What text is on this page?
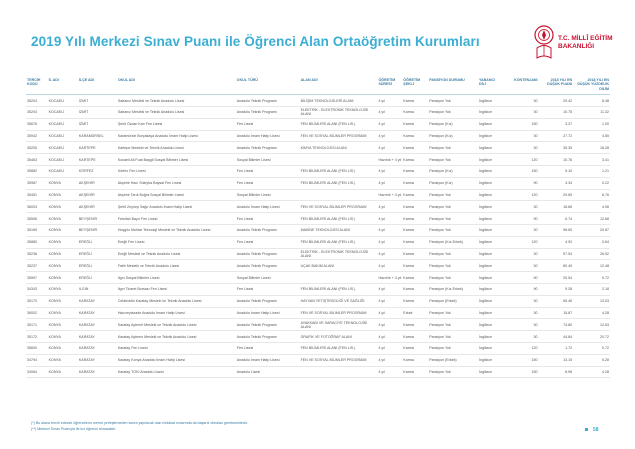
2019 Yılı Merkezi Sınav Puanı ile Öğrenci Alan Ortaöğretim Kurumları	T.C. MİLLÎ EĞİTİM
BAKANLIĞI
TERCİH KODU	İL ADI	İLÇE ADI	OKUL ADI	OKUL TÜRÜ	ALAN ADI	ÖĞRETİM SÜRESİ	ÖĞRETİM ŞEKLİ	PANSİYON DURUMU	YABANCI DİLİ	KONTENJANI	2018 YILI EN DÜŞÜK PUANI	2018 YILI EN DÜŞÜK YÜZDELİK DİLİM
35204	KOCAELİ	İZMİT	Sabancı Mesleki ve Teknik Anadolu Lisesi	Anadolu Teknik Programı	BİLİŞİM TEKNOLOJİLERİ ALANI	4 yıl	Karma	Pansiyon Yok	İngilizce	30	29.42	8.48
35204	KOCAELİ	İZMİT	Sabancı Mesleki ve Teknik Anadolu Lisesi	Anadolu Teknik Programı	ELEKTRİK - ELEKTRONİK TEKNOLOJİSİ ALANI	4 yıl	Karma	Pansiyon Yok	İngilizce	30	10.75	11.32
35676	KOCAELİ	İZMİT	Şehit Özcan Kan Fen Lisesi	Fen Lisesi	FEN BİLİMLERİ ALANI (FEN LİS.)	4 yıl	Karma	Pansiyon (Kız)	İngilizce	150	3.37	1.00
35942	KOCAELİ	KARAMÜRSEL	Karamürsel Borçakaya Anadolu İmam Hatip Lisesi	Anadolu İmam Hatip Lisesi	FEN VE SOSYAL BİLİMLER PROGRAMI	4 yıl	Karma	Pansiyon (Kız)	İngilizce	30	27.72	4.85
35205	KOCAELİ	KARTEPE	Kartepe Mesleki ve Teknik Anadolu Lisesi	Anadolu Teknik Programı	KİMYA TEKNOLOJİSİ ALANI	4 yıl	Karma	Pansiyon Yok	İngilizce	30	35.35	16.28
35463	KOCAELİ	KARTEPE	Kocaeli Ali Fuat Başgil Sosyal Bilimler Lisesi	Sosyal Bilimler Lisesi		Hazırlık + 4 yıl	Karma	Pansiyon Yok	İngilizce	120	10.76	3.41
35882	KOCAELİ	KÖRFEZ	Körfez Fen Lisesi	Fen Lisesi	FEN BİLİMLERİ ALANI (FEN LİS.)	4 yıl	Karma	Pansiyon (Kız)	İngilizce	150	5.10	1.21
35987	KONYA	AKŞEHİR	Akşehir Hacı Süleyha Baysal Fen Lisesi	Fen Lisesi	FEN BİLİMLERİ ALANI (FEN LİS.)	4 yıl	Karma	Pansiyon (Kız)	İngilizce	90	4.34	0.22
35451	KONYA	AKŞEHİR	Akşehir Tarık Buğra Sosyal Bilimler Lisesi	Sosyal Bilimler Lisesi		Hazırlık + 4 yıl	Karma	Pansiyon Yok	İngilizce	120	29.69	8.76
36003	KONYA	AKŞEHİR	Şehit Zeynep Sağır Anadolu İmam Hatip Lisesi	Anadolu İmam Hatip Lisesi	FEN VE SOSYAL BİLİMLER PROGRAMI	4 yıl	Karma	Pansiyon Yok	İngilizce	30	16.66	4.06
35596	KONYA	BEYŞEHİR	Fetullah Bayır Fen Lisesi	Fen Lisesi	FEN BİLİMLERİ ALANI (FEN LİS.)	4 yıl	Karma	Pansiyon Yok	İngilizce	90	6.74	12.68
35169	KONYA	BEYŞEHİR	Hoşgöz Muhtar Teknoloji Mesleki ve Teknik Anadolu Lisesi	Anadolu Teknik Programı	MAKİNE TEKNOLOJİSİ ALANI	4 yıl	Karma	Pansiyon Yok	İngilizce	30	98.60	20.87
35880	KONYA	EREĞLİ	Ereğli Fen Lisesi	Fen Lisesi	FEN BİLİMLERİ ALANI (FEN LİS.)	4 yıl	Karma	Pansiyon (Kız-Erkek)	İngilizce	120	4.92	0.64
35236	KONYA	EREĞLİ	Ereğli Mesleki ve Teknik Anadolu Lisesi	Anadolu Teknik Programı	ELEKTRİK - ELEKTRONİK TEKNOLOJİSİ ALANI	4 yıl	Karma	Pansiyon Yok	İngilizce	30	57.54	26.52
35237	KONYA	EREĞLİ	Fatih Mesleki ve Teknik Anadolu Lisesi	Anadolu Teknik Programı	UÇAK BAKIM ALANI	4 yıl	Karma	Pansiyon Yok	İngilizce	30	80.49	12.48
35597	KONYA	EREĞLİ	Ilgın Sosyal Bilimler Lisesi	Sosyal Bilimler Lisesi		Hazırlık + 4 yıl	Karma	Pansiyon Yok	İngilizce	90	20.54	5.72
34343	KONYA	ILGIN	Ilgın Ticaret Borsası Fen Lisesi	Fen Lisesi	FEN BİLİMLERİ ALANI (FEN LİS.)	4 yıl	Karma	Pansiyon (Kız-Erkek)	İngilizce	90	9.28	2.18
35170	KONYA	KARATAY	Celaleddin Karatay Mesleki ve Teknik Anadolu Lisesi	Anadolu Teknik Programı	HAYVAN YETİŞTİRİCİLİĞİ VE SAĞLIĞI	4 yıl	Karma	Pansiyon (Erkek)	İngilizce	30	65.46	13.53
36002	KONYA	KARATAY	Hacıveyiszade Anadolu İmam Hatip Lisesi	Anadolu İmam Hatip Lisesi	FEN VE SOSYAL BİLİMLER PROGRAMI	4 yıl	Erkek	Pansiyon Yok	İngilizce	30	15.87	4.28
35171	KONYA	KARATAY	Karatay Aytemir Mesleki ve Teknik Anadolu Lisesi	Anadolu Teknik Programı	AYAKKABI VE SARACİYE TEKNOLOJİSİ ALANI	4 yıl	Karma	Pansiyon Yok	İngilizce	30	74.80	12.63
35172	KONYA	KARATAY	Karatay Aytemir Mesleki ve Teknik Anadolu Lisesi	Anadolu Teknik Programı	GRAFİK VE FOTOĞRAF ALANI	4 yıl	Karma	Pansiyon Yok	İngilizce	30	44.84	20.72
35600	KONYA	KARATAY	Karatay Fen Lisesi	Fen Lisesi	FEN BİLİMLERİ ALANI (FEN LİS.)	4 yıl	Karma	Pansiyon Yok	İngilizce	120	1.72	0.72
34794	KONYA	KARATAY	Karatay Konya Anadolu İmam Hatip Lisesi	Anadolu İmam Hatip Lisesi	FEN VE SOSYAL BİLİMLER PROGRAMI	4 yıl	Karma	Pansiyon (Erkek)	İngilizce	150	13.15	5.28
34064	KONYA	KARATAY	Karatay TOKİ Anadolu Lisesi	Anadolu Lisesi		4 yıl	Karma	Pansiyon Yok	İngilizce	150	8.96	4.28
(*) Bu alana tercih edecek öğrencilerin mermi yerleştirmeden sonra yapılacak olan mülakat sınavında da başarılı olmaları gerekmektedir.
(**) Merkezi Sınav Puanıyla ile kız öğrenci alınacaktır.	58
